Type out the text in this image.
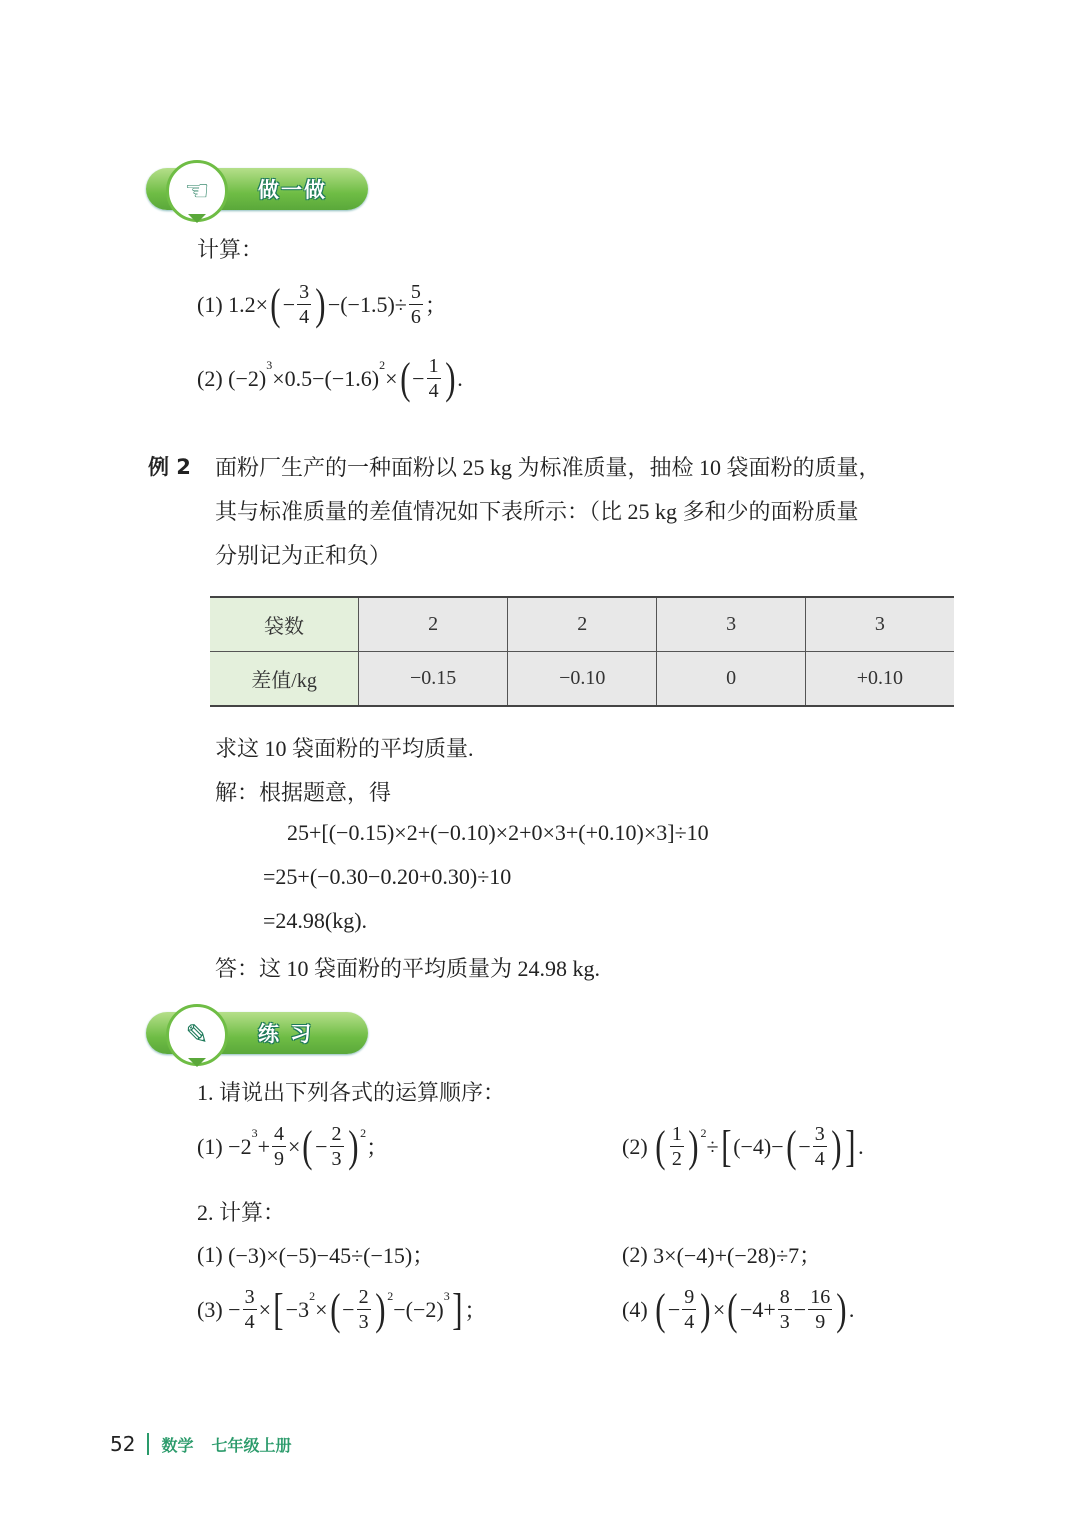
☜	做一做
计算：
(1)
1.2× ( − $\frac{3}{4}$ ) $-(-1.5)\div \frac{5}{6}$ ；
(2)
(−2)
3
×0.5−(−1.6)
2
× ( − $\frac{1}{4}$ ) .
例 2 面粉厂生产的一种面粉以 25 kg 为标准质量，抽检 10 袋面粉的质量，
其与标准质量的差值情况如下表所示：（比 25 kg 多和少的面粉质量
分别记为正和负）
袋数	2	2	3	3
差值/kg	−0.15	−0.10	0	+0.10
求这 10 袋面粉的平均质量.
解：根据题意，得
25+[(−0.15)×2+(−0.10)×2+0×3+(+0.10)×3]÷10
=25+(−0.30−0.20+0.30)÷10
=24.98(kg).
答：这 10 袋面粉的平均质量为 24.98 kg.
✎	练 习
1. 请说出下列各式的运算顺序：
(1)
−2
3
+ $\frac{4}{9}$ × ( − $\frac{2}{3}$ ) 2
；	(2)
( $\frac{1}{2}$ ) 2
÷ [ (−4)− ( − $\frac{3}{4}$ ) ] .
2. 计算：
(1)
(−3)×(−5)−45÷(−15)；	(2)
3×(−4)+(−28)÷7；
(3)
− $\frac{3}{4}$ × [ −3
2
× ( − $\frac{2}{3}$ ) 2
−(−2)
3 ] ；	(4)
( − $\frac{9}{4}$ ) × ( $-4+ \frac{8}{3} - \frac{16}{9}$ ) .
52 数学 七年级上册
